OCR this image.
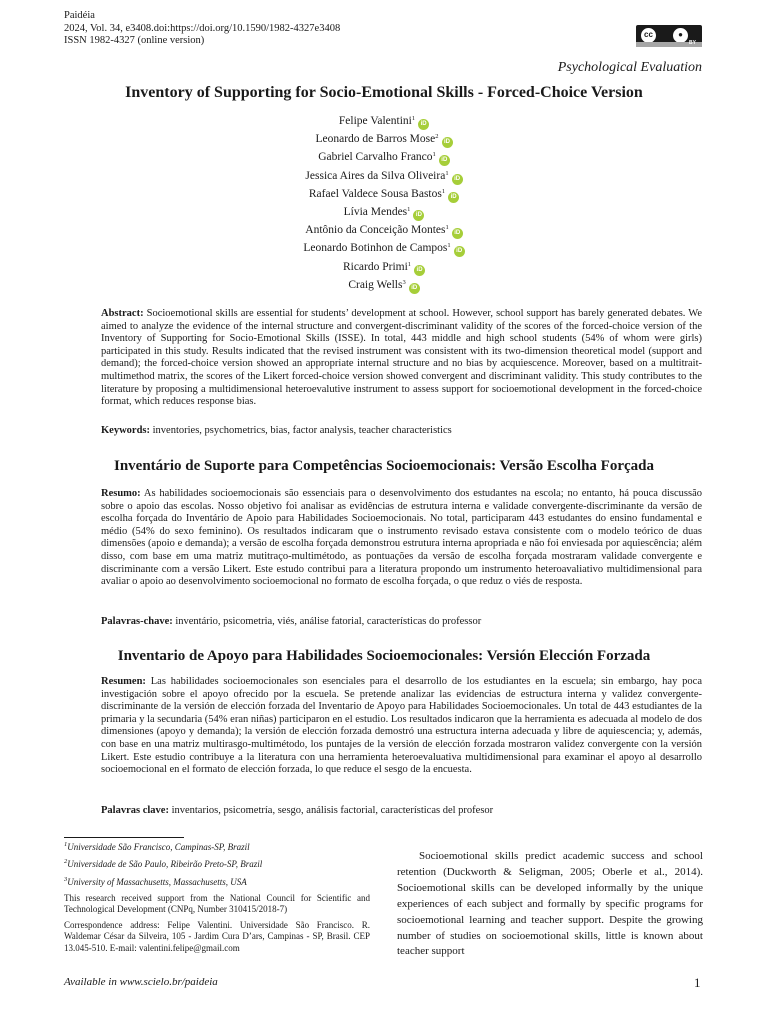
Paidéia
2024, Vol. 34, e3408.doi:https://doi.org/10.1590/1982-4327e3408
ISSN 1982-4327 (online version)
cc	●
BY
Psychological Evaluation
Inventory of Supporting for Socio-Emotional Skills - Forced-Choice Version
Felipe Valentini$^1$iD
Leonardo de Barros Mose$^2$iD
Gabriel Carvalho Franco$^1$iD
Jessica Aires da Silva Oliveira$^1$iD
Rafael Valdece Sousa Bastos$^1$iD
Lívia Mendes$^1$iD
Antônio da Conceição Montes$^1$iD
Leonardo Botinhon de Campos$^1$iD
Ricardo Primi$^1$iD
Craig Wells$^3$iD
Abstract: Socioemotional skills are essential for students’ development at school. However, school support has barely generated debates. We aimed to analyze the evidence of the internal structure and convergent-discriminant validity of the scores of the forced-choice version of the Inventory of Supporting for Socio-Emotional Skills (ISSE). In total, 443 middle and high school students (54% of whom were girls) participated in this study. Results indicated that the revised instrument was consistent with its two-dimension theoretical model (support and demand); the forced-choice version showed an appropriate internal structure and no bias by acquiescence. Moreover, based on a multitrait-multimethod matrix, the scores of the Likert forced-choice version showed convergent and discriminant validity. This study contributes to the literature by proposing a multidimensional heteroevalutive instrument to assess support for socioemotional development in the forced-choice format, which reduces response bias.
Keywords: inventories, psychometrics, bias, factor analysis, teacher characteristics
Inventário de Suporte para Competências Socioemocionais: Versão Escolha Forçada
Resumo: As habilidades socioemocionais são essenciais para o desenvolvimento dos estudantes na escola; no entanto, há pouca discussão sobre o apoio das escolas. Nosso objetivo foi analisar as evidências de estrutura interna e validade convergente-discriminante da versão de escolha forçada do Inventário de Apoio para Habilidades Socioemocionais. No total, participaram 443 estudantes do ensino fundamental e médio (54% do sexo feminino). Os resultados indicaram que o instrumento revisado estava consistente com o modelo teórico de duas dimensões (apoio e demanda); a versão de escolha forçada demonstrou estrutura interna apropriada e não foi enviesada por aquiescência; além disso, com base em uma matriz mutitraço-multimétodo, as pontuações da versão de escolha forçada mostraram validade convergente e discriminante com a versão Likert. Este estudo contribui para a literatura propondo um instrumento heteroavaliativo multidimensional para avaliar o apoio ao desenvolvimento socioemocional no formato de escolha forçada, o que reduz o viés de resposta.
Palavras-chave: inventário, psicometria, viés, análise fatorial, características do professor
Inventario de Apoyo para Habilidades Socioemocionales: Versión Elección Forzada
Resumen: Las habilidades socioemocionales son esenciales para el desarrollo de los estudiantes en la escuela; sin embargo, hay poca investigación sobre el apoyo ofrecido por la escuela. Se pretende analizar las evidencias de estructura interna y validez convergente-discriminante de la versión de elección forzada del Inventario de Apoyo para Habilidades Socioemocionales. Un total de 443 estudiantes de la primaria y la secundaria (54% eran niñas) participaron en el estudio. Los resultados indicaron que la herramienta es adecuada al modelo de dos dimensiones (apoyo y demanda); la versión de elección forzada demostró una estructura interna adecuada y libre de aquiescencia; y, además, con base en una matriz multirasgo-multimétodo, los puntajes de la versión de elección forzada mostraron validez convergente con la versión Likert. Este estudio contribuye a la literatura con una herramienta heteroevaluativa multidimensional para examinar el apoyo al desarrollo socioemocional en el formato de elección forzada, lo que reduce el sesgo de la encuesta.
Palavras clave: inventarios, psicometría, sesgo, análisis factorial, características del profesor
$^1$Universidade São Francisco, Campinas-SP, Brazil
$^2$Universidade de São Paulo, Ribeirão Preto-SP, Brazil
$^3$University of Massachusetts, Massachusetts, USA
This research received support from the National Council for Scientific and Technological Development (CNPq, Number 310415/2018-7)
Correspondence address: Felipe Valentini. Universidade São Francisco. R. Waldemar César da Silveira, 105 - Jardim Cura D’ars, Campinas - SP, Brasil. CEP 13.045-510. E-mail: valentini.felipe@gmail.com
Socioemotional skills predict academic success and school retention (Duckworth & Seligman, 2005; Oberle et al., 2014). Socioemotional skills can be developed informally by the unique experiences of each subject and formally by specific programs for socioemotional learning and teacher support. Despite the growing number of studies on socioemotional skills, little is known about teacher support
Available in www.scielo.br/paideia	1
